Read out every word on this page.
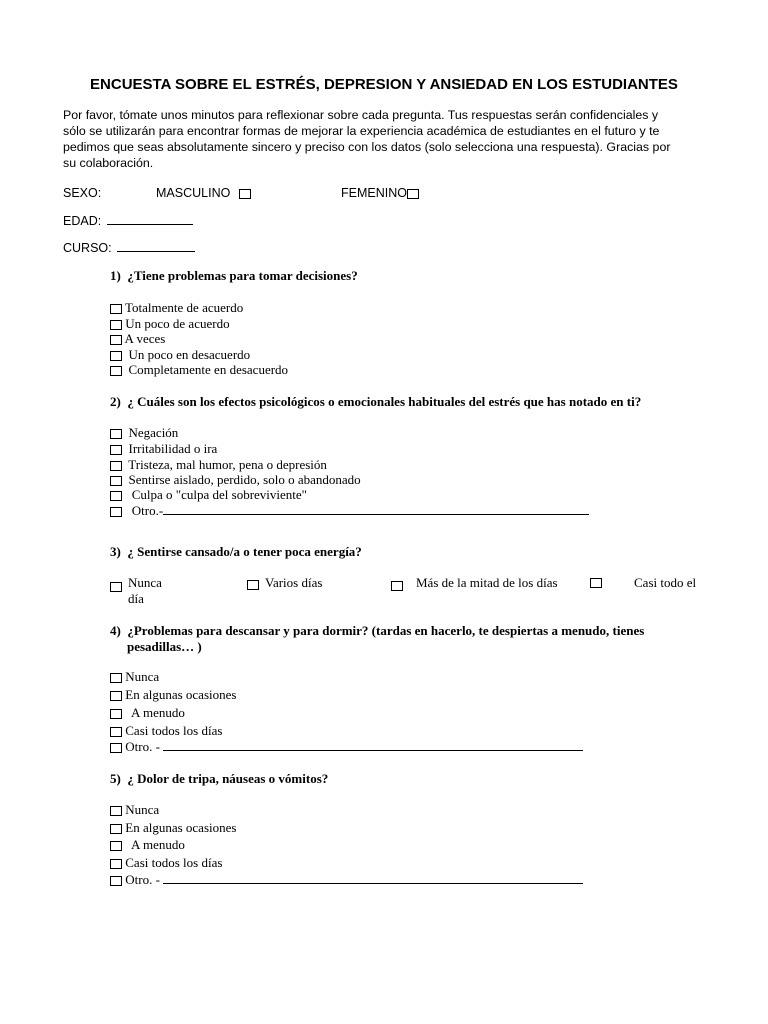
ENCUESTA SOBRE EL ESTRÉS, DEPRESION Y ANSIEDAD EN LOS ESTUDIANTES
Por favor, tómate unos minutos para reflexionar sobre cada pregunta. Tus respuestas serán confidenciales y
sólo se utilizarán para encontrar formas de mejorar la experiencia académica de estudiantes en el futuro y te
pedimos que seas absolutamente sincero y preciso con los datos (solo selecciona una respuesta). Gracias por
su colaboración.
SEXO:	MASCULINO	FEMENINO
EDAD:
CURSO:
1) ¿Tiene problemas para tomar decisiones?
Totalmente de acuerdo
Un poco de acuerdo
A veces
Un poco en desacuerdo
Completamente en desacuerdo
2) ¿ Cuáles son los efectos psicológicos o emocionales habituales del estrés que has notado en ti?
Negación
Irritabilidad o ira
Tristeza, mal humor, pena o depresión
Sentirse aislado, perdido, solo o abandonado
Culpa o "culpa del sobreviviente"
Otro.-
3) ¿ Sentirse cansado/a o tener poca energía?
Nunca	Varios días	Más de la mitad de los días	Casi todo el
día
4) ¿Problemas para descansar y para dormir? (tardas en hacerlo, te despiertas a menudo, tienes
pesadillas… )
Nunca
En algunas ocasiones
A menudo
Casi todos los días
Otro. -
5) ¿ Dolor de tripa, náuseas o vómitos?
Nunca
En algunas ocasiones
A menudo
Casi todos los días
Otro. -
